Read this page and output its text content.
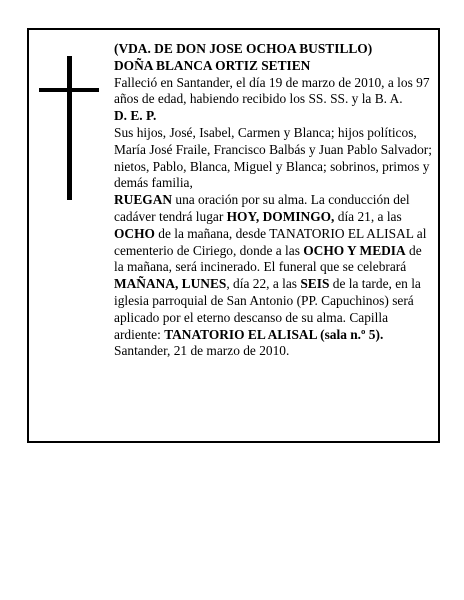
(VDA. DE DON JOSE OCHOA BUSTILLO)

DOÑA BLANCA ORTIZ SETIEN

Falleció en Santander, el día 19 de marzo de 2010, a los 97 años de edad, habiendo recibido los SS. SS. y la B. A.

D. E. P.

Sus hijos, José, Isabel, Carmen y Blanca; hijos políticos, María José Fraile, Francisco Balbás y Juan Pablo Salvador; nietos, Pablo, Blanca, Miguel y Blanca; sobrinos, primos y demás familia,

RUEGAN una oración por su alma. La conducción del cadáver tendrá lugar HOY, DOMINGO, día 21, a las OCHO de la mañana, desde TANATORIO EL ALISAL al cementerio de Ciriego, donde a las OCHO Y MEDIA de la mañana, será incinerado. El funeral que se celebrará MAÑANA, LUNES, día 22, a las SEIS de la tarde, en la iglesia parroquial de San Antonio (PP. Capuchinos) será aplicado por el eterno descanso de su alma. Capilla ardiente: TANATORIO EL ALISAL (sala n.º 5).

Santander, 21 de marzo de 2010.
